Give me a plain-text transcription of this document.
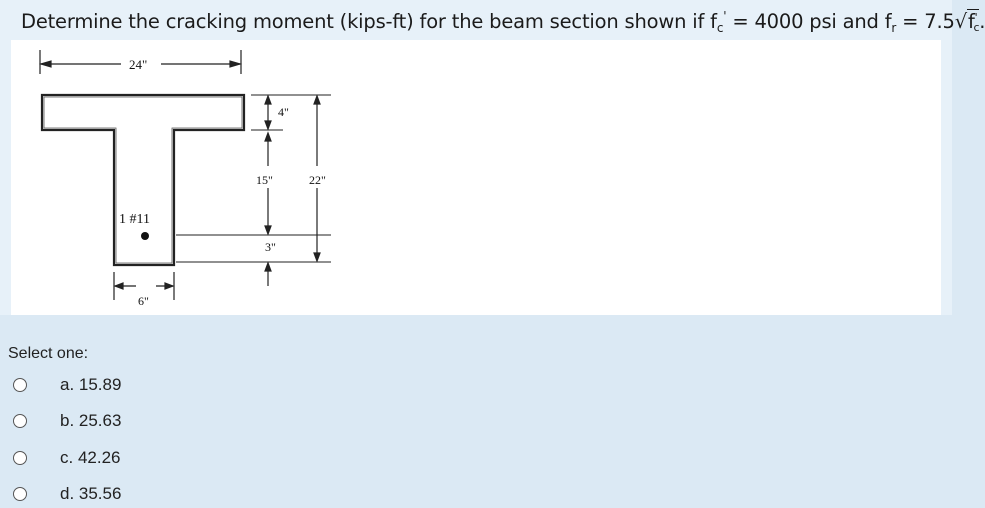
Determine the cracking moment (kips-ft) for the beam section shown if $f_c' = 4000$ psi and $f_r = 7.5√f'c$.
24"
1 #11
4"
15"	22"
3"
6"
Select one:
a. 15.89
b. 25.63
c. 42.26
d. 35.56
